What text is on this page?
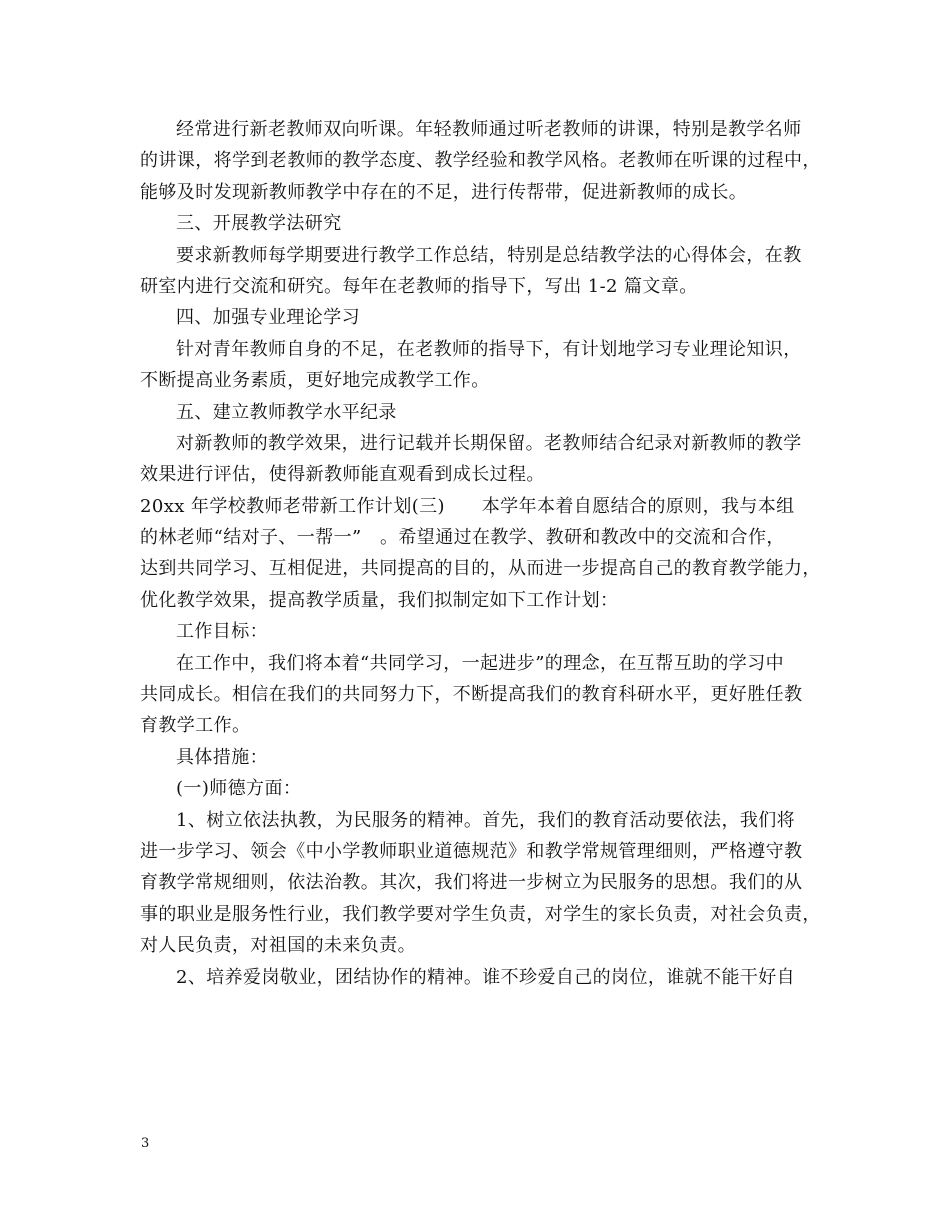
经常进行新老教师双向听课。年轻教师通过听老教师的讲课，特别是教学名师
的讲课，将学到老教师的教学态度、教学经验和教学风格。老教师在听课的过程中，
能够及时发现新教师教学中存在的不足，进行传帮带，促进新教师的成长。
三、开展教学法研究
要求新教师每学期要进行教学工作总结，特别是总结教学法的心得体会，在教
研室内进行交流和研究。每年在老教师的指导下，写出 1-2 篇文章。
四、加强专业理论学习
针对青年教师自身的不足，在老教师的指导下，有计划地学习专业理论知识，
不断提高业务素质，更好地完成教学工作。
五、建立教师教学水平纪录
对新教师的教学效果，进行记载并长期保留。老教师结合纪录对新教师的教学
效果进行评估，使得新教师能直观看到成长过程。
20xx 年学校教师老带新工作计划(三)　　本学年本着自愿结合的原则，我与本组
的林老师“结对子、一帮一”　。希望通过在教学、教研和教改中的交流和合作，
达到共同学习、互相促进，共同提高的目的，从而进一步提高自己的教育教学能力，
优化教学效果，提高教学质量，我们拟制定如下工作计划：
工作目标：
在工作中，我们将本着“共同学习，一起进步”的理念，在互帮互助的学习中
共同成长。相信在我们的共同努力下，不断提高我们的教育科研水平，更好胜任教
育教学工作。
具体措施：
(一)师德方面：
1、树立依法执教，为民服务的精神。首先，我们的教育活动要依法，我们将
进一步学习、领会《中小学教师职业道德规范》和教学常规管理细则，严格遵守教
育教学常规细则，依法治教。其次，我们将进一步树立为民服务的思想。我们的从
事的职业是服务性行业，我们教学要对学生负责，对学生的家长负责，对社会负责，
对人民负责，对祖国的未来负责。
2、培养爱岗敬业，团结协作的精神。谁不珍爱自己的岗位，谁就不能干好自
3
